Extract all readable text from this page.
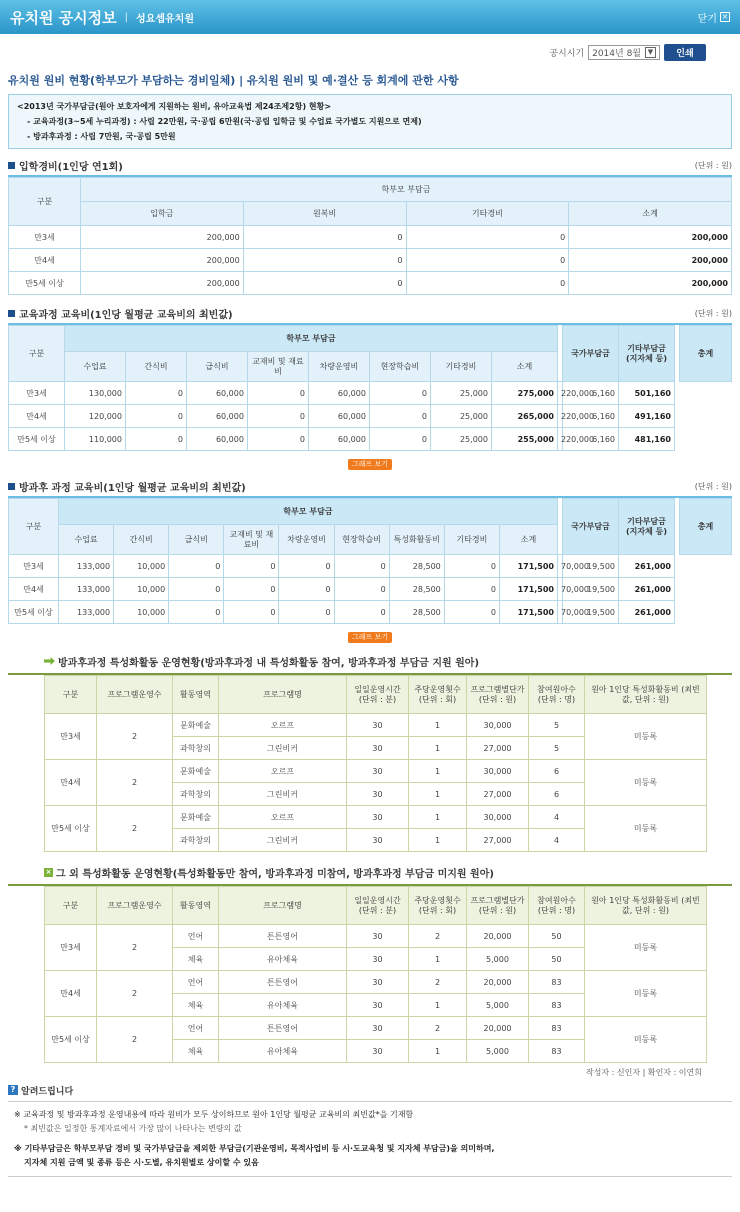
유치원 공시정보 | 성요셉유치원	닫기 ×
공시시기 2014년 8월 ▼	인쇄
유치원 원비 현황(학부모가 부담하는 경비일체) | 유치원 원비 및 예·결산 등 회계에 관한 사항
<2013년 국가부담금(원아 보호자에게 지원하는 원비, 유아교육법 제24조제2항) 현황>
- 교육과정(3~5세 누리과정) : 사립 22만원, 국·공립 6만원(국·공립 입학금 및 수업료 국가별도 지원으로 면제)
- 방과후과정 : 사립 7만원, 국·공립 5만원
입학경비(1인당 연1회)	(단위 : 원)
구분	학부모 부담금			
	입학금	원복비	기타경비	소계
만3세	200,000	0	0	200,000
만4세	200,000	0	0	200,000
만5세 이상	200,000	0	0	200,000
교육과정 교육비(1인당 월평균 교육비의 최빈값)	(단위 : 원)
구분	학부모 부담금									국가부담금	기타부담금 (지자체 등)		총계
	수업료	간식비	급식비	교재비 및 재료비	차량운영비	현장학습비	기타경비	소계					
만3세	130,000	0	60,000	0	60,000	0	25,000	275,000	220,000	6,160	501,160		
만4세	120,000	0	60,000	0	60,000	0	25,000	265,000	220,000	6,160	491,160		
만5세 이상	110,000	0	60,000	0	60,000	0	25,000	255,000	220,000	6,160	481,160		
그래프 보기
방과후 과정 교육비(1인당 월평균 교육비의 최빈값)	(단위 : 원)
구분	학부모 부담금										국가부담금	기타부담금 (지자체 등)		총계
	수업료	간식비	급식비	교재비 및 재료비	차량운영비	현장학습비	특성화활동비	기타경비	소계					
만3세	133,000	10,000	0	0	0	0	28,500	0	171,500	70,000	19,500	261,000		
만4세	133,000	10,000	0	0	0	0	28,500	0	171,500	70,000	19,500	261,000		
만5세 이상	133,000	10,000	0	0	0	0	28,500	0	171,500	70,000	19,500	261,000		
그래프 보기
방과후과정 특성화활동 운영현황(방과후과정 내 특성화활동 참여, 방과후과정 부담금 지원 원아)
구분	프로그램운영수	활동영역	프로그램명	일일운영시간 (단위 : 분)	주당운영횟수 (단위 : 회)	프로그램별단가 (단위 : 원)	참여원아수 (단위 : 명)	원아 1인당 특성화활동비 (최빈값, 단위 : 원)
만3세	2	문화예술	오르프	30	1	30,000	5	미등록
		과학창의	그린비커	30	1	27,000	5	
만4세	2	문화예술	오르프	30	1	30,000	6	미등록
		과학창의	그린비커	30	1	27,000	6	
만5세 이상	2	문화예술	오르프	30	1	30,000	4	미등록
		과학창의	그린비커	30	1	27,000	4	
× 그 외 특성화활동 운영현황(특성화활동만 참여, 방과후과정 미참여, 방과후과정 부담금 미지원 원아)
구분	프로그램운영수	활동영역	프로그램명	일일운영시간 (단위 : 분)	주당운영횟수 (단위 : 회)	프로그램별단가 (단위 : 원)	참여원아수 (단위 : 명)	원아 1인당 특성화활동비 (최빈값, 단위 : 원)
만3세	2	언어	튼튼영어	30	2	20,000	50	미등록
		체육	유아체육	30	1	5,000	50	
만4세	2	언어	튼튼영어	30	2	20,000	83	미등록
		체육	유아체육	30	1	5,000	83	
만5세 이상	2	언어	튼튼영어	30	2	20,000	83	미등록
		체육	유아체육	30	1	5,000	83	
작성자 : 신인자 | 확인자 : 이연희
? 알려드립니다
※ 교육과정 및 방과후과정 운영내용에 따라 원비가 모두 상이하므로 원아 1인당 월평균 교육비의 최빈값*을 기재함
* 최빈값은 일정한 통계자료에서 가장 많이 나타나는 변량의 값
※ 기타부담금은 학부모부담 경비 및 국가부담금을 제외한 부담금(기관운영비, 목적사업비 등 시·도교육청 및 지자체 부담금)을 의미하며,
지자체 지원 금액 및 종류 등은 시·도별, 유치원별로 상이할 수 있음
